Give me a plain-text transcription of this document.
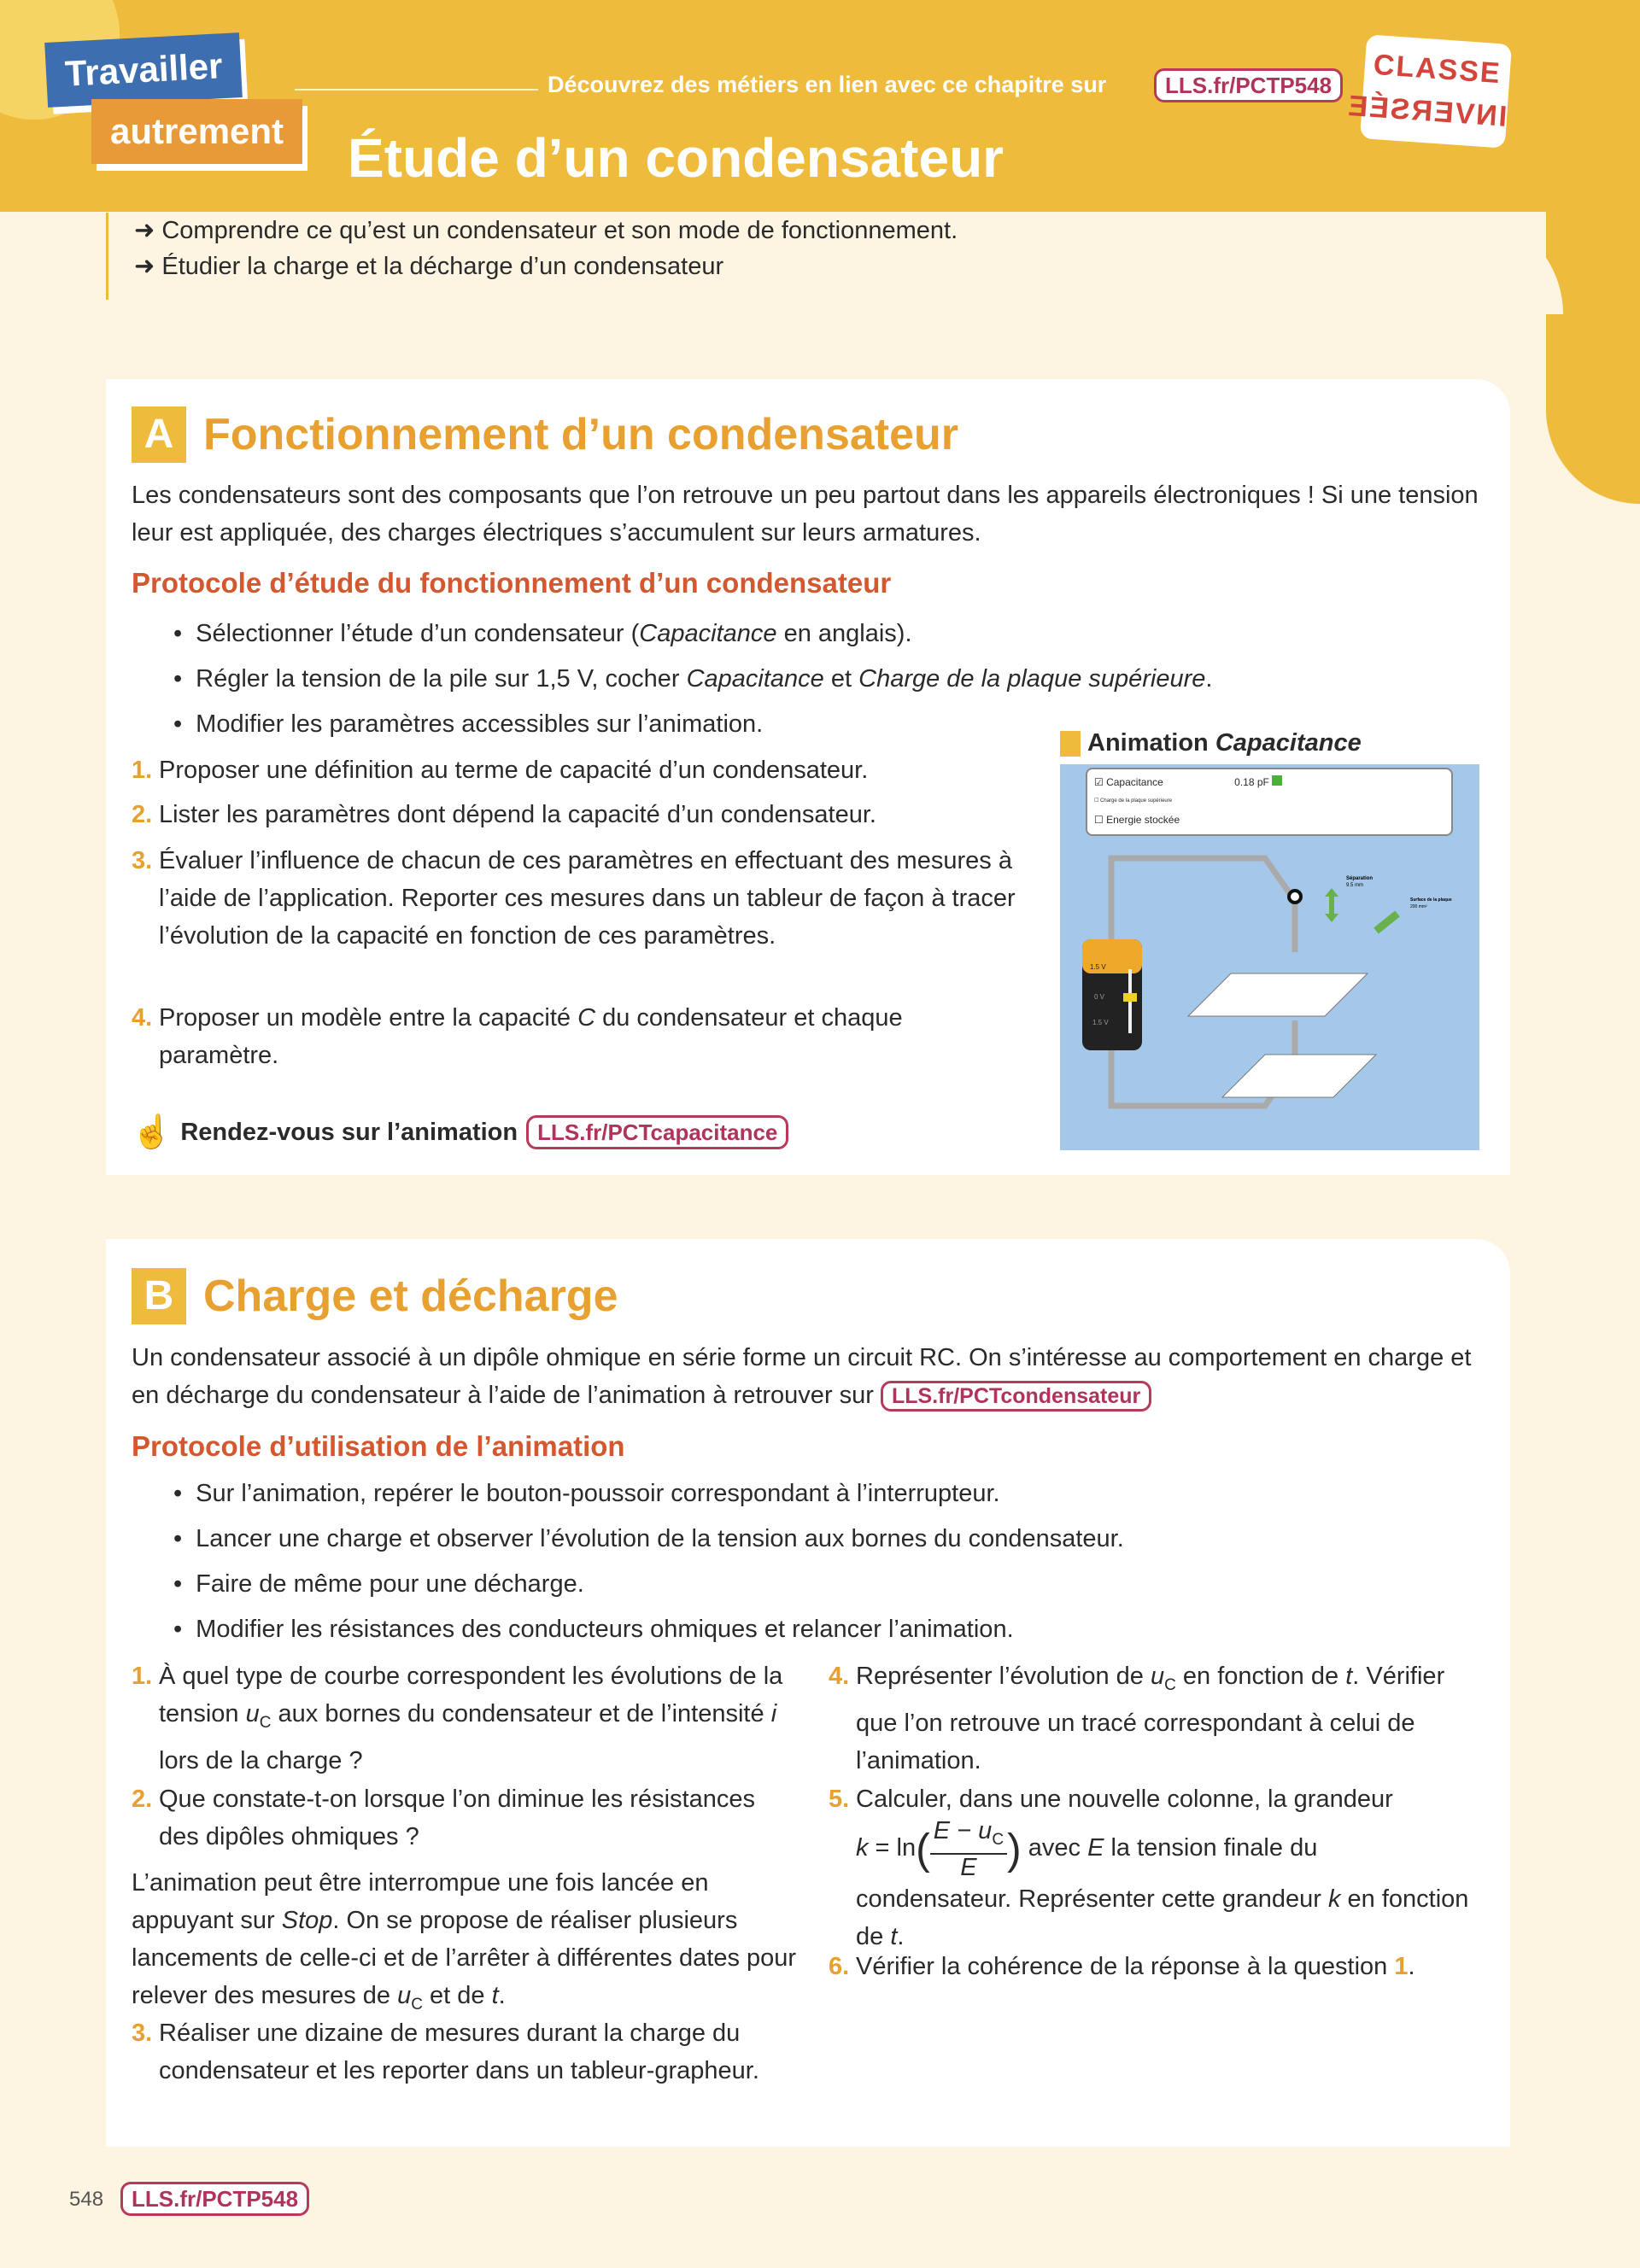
Travailler
autrement
Découvrez des métiers en lien avec ce chapitre sur	LLS.fr/PCTP548
Étude d’un condensateur
CLASSE
INVERSÉE
➜ Comprendre ce qu’est un condensateur et son mode de fonctionnement.
➜ Étudier la charge et la décharge d’un condensateur
A Fonctionnement d’un condensateur

Les condensateurs sont des composants que l’on retrouve un peu partout dans les appareils électroniques ! Si une tension leur est appliquée, des charges électriques s’accumulent sur leurs armatures.

Protocole d’étude du fonctionnement d’un condensateur
• Sélectionner l’étude d’un condensateur (Capacitance en anglais).
• Régler la tension de la pile sur 1,5 V, cocher Capacitance et Charge de la plaque supérieure.
• Modifier les paramètres accessibles sur l’animation.
1. Proposer une définition au terme de capacité d’un condensateur.
2. Lister les paramètres dont dépend la capacité d’un condensateur.
3. Évaluer l’influence de chacun de ces paramètres en effectuant des mesures à l’aide de l’application. Reporter ces mesures dans un tableur de façon à tracer l’évolution de la capacité en fonction de ces paramètres.
4. Proposer un modèle entre la capacité C du condensateur et chaque paramètre.
Animation
Capacitance
☑ Capacitance	0.18 pF
☐ Charge de la plaque supérieure
☐ Energie stockée
1.5 V
0 V
1.5 V
Séparation
9.5 mm
Surface de la plaque
200 mm²
☝ Rendez-vous sur l’animation LLS.fr/PCTcapacitance
B Charge et décharge

Un condensateur associé à un dipôle ohmique en série forme un circuit RC. On s’intéresse au comportement en charge et en décharge du condensateur à l’aide de l’animation à retrouver sur LLS.fr/PCTcondensateur

Protocole d’utilisation de l’animation
• Sur l’animation, repérer le bouton-poussoir correspondant à l’interrupteur.
• Lancer une charge et observer l’évolution de la tension aux bornes du condensateur.
• Faire de même pour une décharge.
• Modifier les résistances des conducteurs ohmiques et relancer l’animation.
1. À quel type de courbe correspondent les évolutions de la tension $u_C$ aux bornes du condensateur et de l’intensité i lors de la charge ?
2. Que constate-t-on lorsque l’on diminue les résistances des dipôles ohmiques ?

L’animation peut être interrompue une fois lancée en appuyant sur Stop. On se propose de réaliser plusieurs lancements de celle-ci et de l’arrêter à différentes dates pour relever des mesures de $u_C$ et de t.

3. Réaliser une dizaine de mesures durant la charge du condensateur et les reporter dans un tableur-grapheur.
4. Représenter l’évolution de $u_C$ en fonction de t. Vérifier que l’on retrouve un tracé correspondant à celui de l’animation.
5. Calculer, dans une nouvelle colonne, la grandeur
$k = \ln( \frac{E - u_C}{E}$ ) avec E la tension finale du condensateur. Représenter cette grandeur k en fonction de t.
6. Vérifier la cohérence de la réponse à la question 1.
548	LLS.fr/PCTP548
